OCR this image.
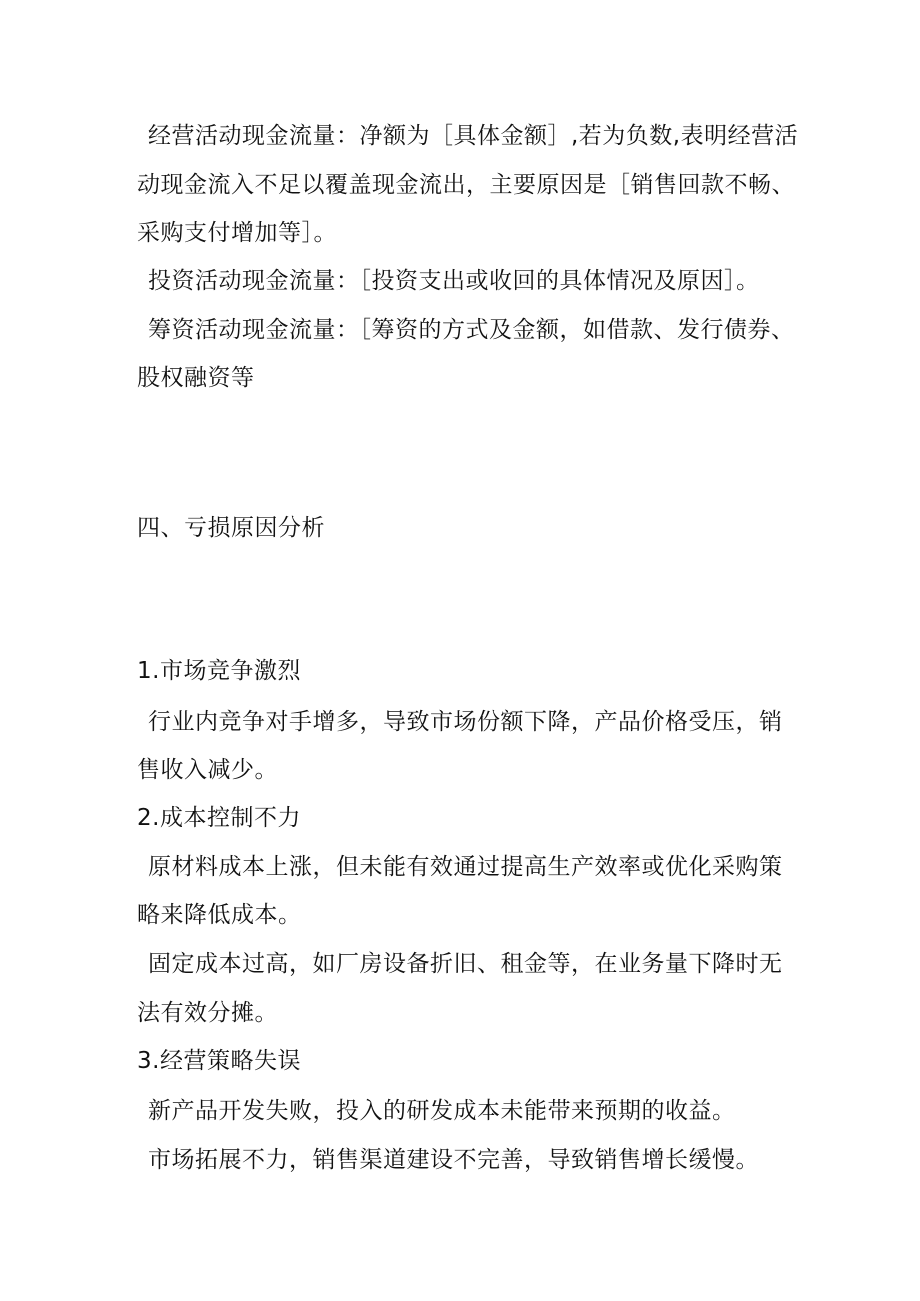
经营活动现金流量：净额为［具体金额］,若为负数,表明经营活
动现金流入不足以覆盖现金流出，主要原因是［销售回款不畅、
采购支付增加等］。
投资活动现金流量：［投资支出或收回的具体情况及原因］。
筹资活动现金流量：［筹资的方式及金额，如借款、发行债券、
股权融资等
四、亏损原因分析
1.市场竞争激烈
行业内竞争对手增多，导致市场份额下降，产品价格受压，销
售收入减少。
2.成本控制不力
原材料成本上涨，但未能有效通过提高生产效率或优化采购策
略来降低成本。
固定成本过高，如厂房设备折旧、租金等，在业务量下降时无
法有效分摊。
3.经营策略失误
新产品开发失败，投入的研发成本未能带来预期的收益。
市场拓展不力，销售渠道建设不完善，导致销售增长缓慢。
